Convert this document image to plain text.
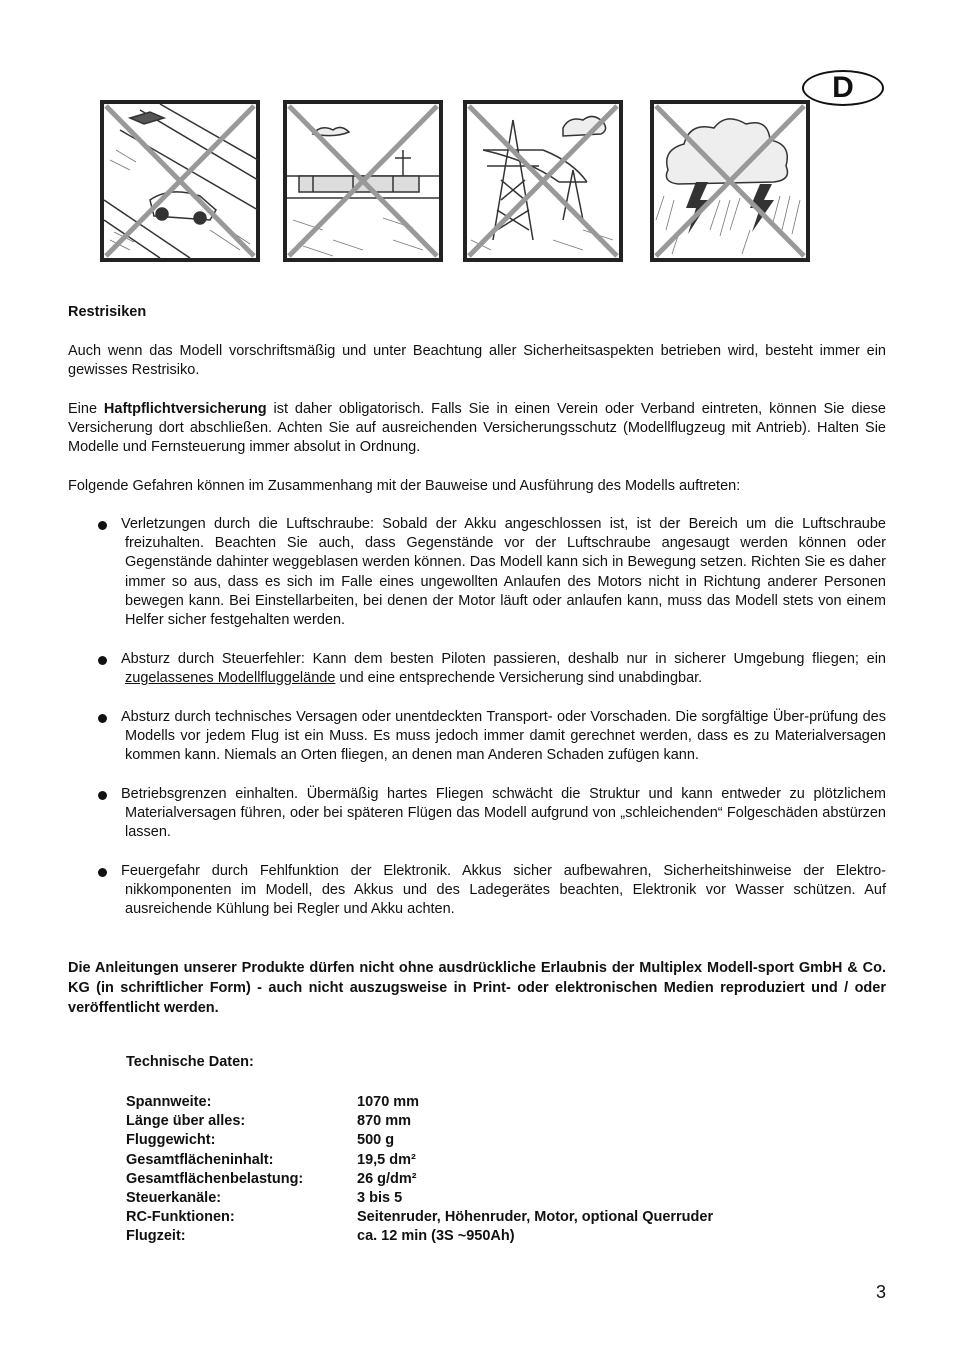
D
Restrisiken

Auch wenn das Modell vorschriftsmäßig und unter Beachtung aller Sicherheitsaspekten betrieben wird, besteht immer ein gewisses Restrisiko.

Eine Haftpflichtversicherung ist daher obligatorisch. Falls Sie in einen Verein oder Verband eintreten, können Sie diese Versicherung dort abschließen. Achten Sie auf ausreichenden Versicherungsschutz (Modellflugzeug mit Antrieb). Halten Sie Modelle und Fernsteuerung immer absolut in Ordnung.

Folgende Gefahren können im Zusammenhang mit der Bauweise und Ausführung des Modells auftreten:

Verletzungen durch die Luftschraube: Sobald der Akku angeschlossen ist, ist der Bereich um die Luftschraube freizuhalten. Beachten Sie auch, dass Gegenstände vor der Luftschraube angesaugt werden können oder Gegenstände dahinter weggeblasen werden können. Das Modell kann sich in Bewegung setzen. Richten Sie es daher immer so aus, dass es sich im Falle eines ungewollten Anlaufen des Motors nicht in Richtung anderer Personen bewegen kann. Bei Einstellarbeiten, bei denen der Motor läuft oder anlaufen kann, muss das Modell stets von einem Helfer sicher festgehalten werden.

Absturz durch Steuerfehler: Kann dem besten Piloten passieren, deshalb nur in sicherer Umgebung fliegen; ein zugelassenes Modellfluggelände und eine entsprechende Versicherung sind unabdingbar.

Absturz durch technisches Versagen oder unentdeckten Transport- oder Vorschaden. Die sorgfältige Über-prüfung des Modells vor jedem Flug ist ein Muss. Es muss jedoch immer damit gerechnet werden, dass es zu Materialversagen kommen kann. Niemals an Orten fliegen, an denen man Anderen Schaden zufügen kann.

Betriebsgrenzen einhalten. Übermäßig hartes Fliegen schwächt die Struktur und kann entweder zu plötzlichem Materialversagen führen, oder bei späteren Flügen das Modell aufgrund von „schleichenden“ Folgeschäden abstürzen lassen.

Feuergefahr durch Fehlfunktion der Elektronik. Akkus sicher aufbewahren, Sicherheitshinweise der Elektro-nikkomponenten im Modell, des Akkus und des Ladegerätes beachten, Elektronik vor Wasser schützen. Auf ausreichende Kühlung bei Regler und Akku achten.

Die Anleitungen unserer Produkte dürfen nicht ohne ausdrückliche Erlaubnis der Multiplex Modell-sport GmbH & Co. KG (in schriftlicher Form) - auch nicht auszugsweise in Print- oder elektronischen Medien reproduziert und / oder veröffentlicht werden.
Technische Daten:
Spannweite:	1070 mm
Länge über alles:	870 mm
Fluggewicht:	500 g
Gesamtflächeninhalt:	19,5 dm²
Gesamtflächenbelastung:	26 g/dm²
Steuerkanäle:	3 bis 5
RC-Funktionen:	Seitenruder, Höhenruder, Motor, optional Querruder
Flugzeit:	ca. 12 min (3S ~950Ah)
3
